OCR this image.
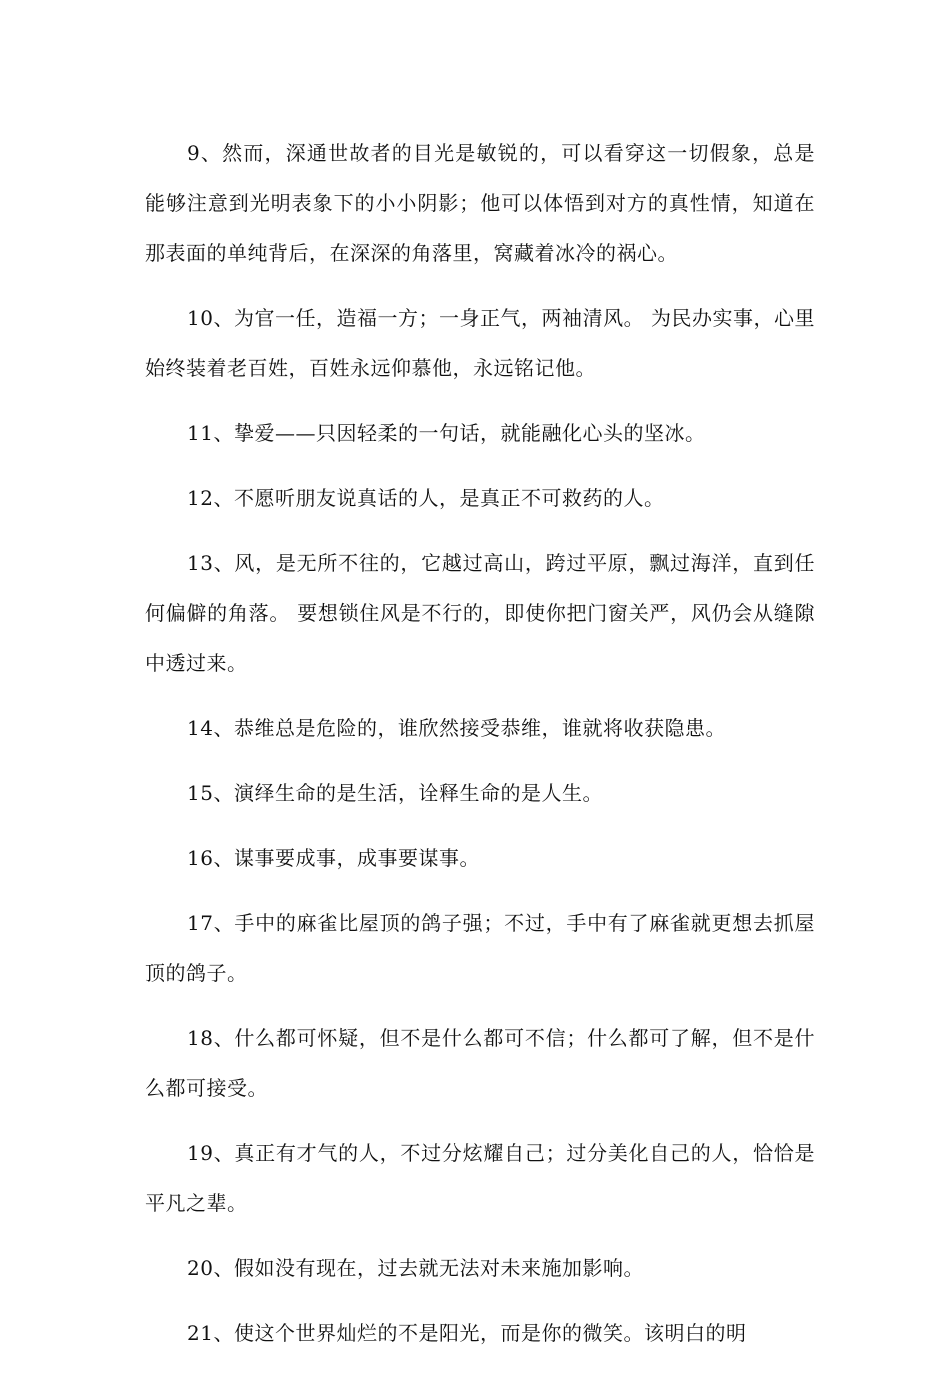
9、然而，深通世故者的目光是敏锐的，可以看穿这一切假象，总是能够注意到光明表象下的小小阴影；他可以体悟到对方的真性情，知道在那表面的单纯背后，在深深的角落里，窝藏着冰冷的祸心。

10、为官一任，造福一方；一身正气，两袖清风。 为民办实事，心里始终装着老百姓，百姓永远仰慕他，永远铭记他。

11、挚爱——只因轻柔的一句话，就能融化心头的坚冰。

12、不愿听朋友说真话的人，是真正不可救药的人。

13、风，是无所不往的，它越过高山，跨过平原，飘过海洋，直到任何偏僻的角落。 要想锁住风是不行的，即使你把门窗关严，风仍会从缝隙中透过来。

14、恭维总是危险的，谁欣然接受恭维，谁就将收获隐患。

15、演绎生命的是生活，诠释生命的是人生。

16、谋事要成事，成事要谋事。

17、手中的麻雀比屋顶的鸽子强；不过，手中有了麻雀就更想去抓屋顶的鸽子。

18、什么都可怀疑，但不是什么都可不信；什么都可了解，但不是什么都可接受。

19、真正有才气的人，不过分炫耀自己；过分美化自己的人，恰恰是平凡之辈。

20、假如没有现在，过去就无法对未来施加影响。

21、使这个世界灿烂的不是阳光，而是你的微笑。该明白的明
